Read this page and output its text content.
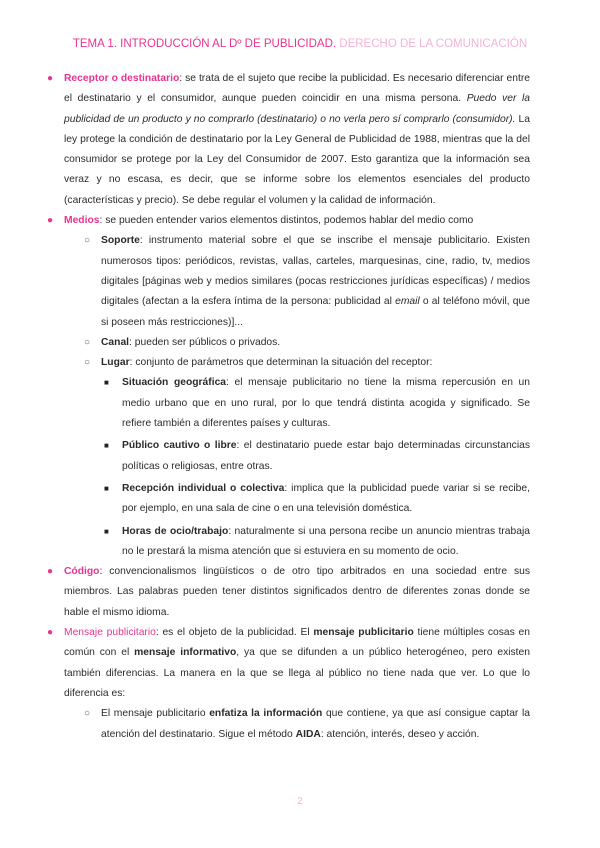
TEMA 1. INTRODUCCIÓN AL Dº DE PUBLICIDAD. DERECHO DE LA COMUNICACIÓN
● Receptor o destinatario: se trata de el sujeto que recibe la publicidad. Es necesario diferenciar entre el destinatario y el consumidor, aunque pueden coincidir en una misma persona. Puedo ver la publicidad de un producto y no comprarlo (destinatario) o no verla pero sí comprarlo (consumidor). La ley protege la condición de destinatario por la Ley General de Publicidad de 1988, mientras que la del consumidor se protege por la Ley del Consumidor de 2007. Esto garantiza que la información sea veraz y no escasa, es decir, que se informe sobre los elementos esenciales del producto (características y precio). Se debe regular el volumen y la calidad de información.
● Medios: se pueden entender varios elementos distintos, podemos hablar del medio como
○ Soporte: instrumento material sobre el que se inscribe el mensaje publicitario. Existen numerosos tipos: periódicos, revistas, vallas, carteles, marquesinas, cine, radio, tv, medios digitales [páginas web y medios similares (pocas restricciones jurídicas específicas) / medios digitales (afectan a la esfera íntima de la persona: publicidad al email o al teléfono móvil, que si poseen más restricciones)]...
○ Canal: pueden ser públicos o privados.
○ Lugar: conjunto de parámetros que determinan la situación del receptor:
■ Situación geográfica: el mensaje publicitario no tiene la misma repercusión en un medio urbano que en uno rural, por lo que tendrá distinta acogida y significado. Se refiere también a diferentes países y culturas.
■ Público cautivo o libre: el destinatario puede estar bajo determinadas circunstancias políticas o religiosas, entre otras.
■ Recepción individual o colectiva: implica que la publicidad puede variar si se recibe, por ejemplo, en una sala de cine o en una televisión doméstica.
■ Horas de ocio/trabajo: naturalmente si una persona recibe un anuncio mientras trabaja no le prestará la misma atención que si estuviera en su momento de ocio.
● Código: convencionalismos lingüísticos o de otro tipo arbitrados en una sociedad entre sus miembros. Las palabras pueden tener distintos significados dentro de diferentes zonas donde se hable el mismo idioma.
● Mensaje publicitario: es el objeto de la publicidad. El mensaje publicitario tiene múltiples cosas en común con el mensaje informativo, ya que se difunden a un público heterogéneo, pero existen también diferencias. La manera en la que se llega al público no tiene nada que ver. Lo que lo diferencia es:
○ El mensaje publicitario enfatiza la información que contiene, ya que así consigue captar la atención del destinatario. Sigue el método AIDA: atención, interés, deseo y acción.
2
